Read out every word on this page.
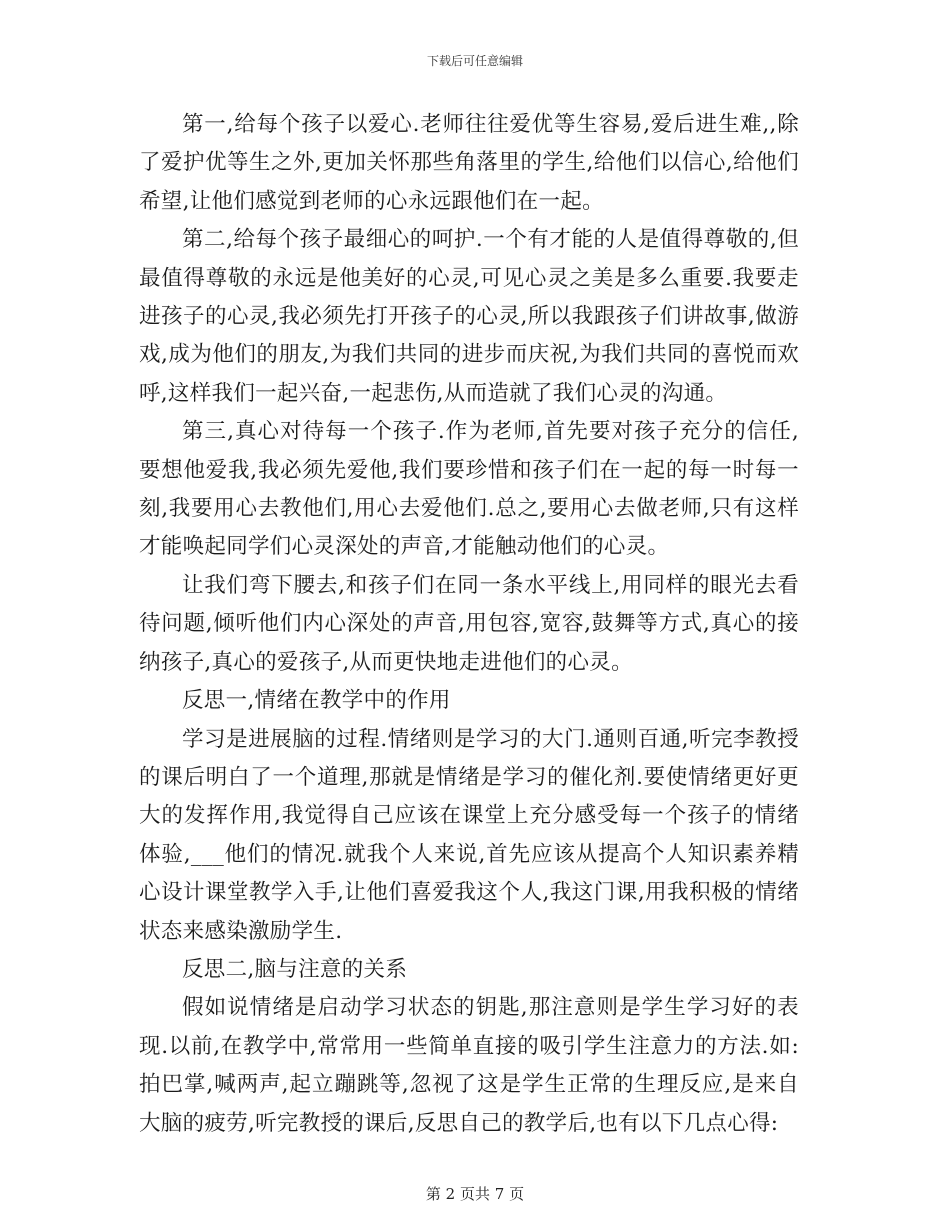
下载后可任意编辑

第一,给每个孩子以爱心.老师往往爱优等生容易,爱后进生难,,除了爱护优等生之外,更加关怀那些角落里的学生,给他们以信心,给他们希望,让他们感觉到老师的心永远跟他们在一起。

第二,给每个孩子最细心的呵护.一个有才能的人是值得尊敬的,但最值得尊敬的永远是他美好的心灵,可见心灵之美是多么重要.我要走进孩子的心灵,我必须先打开孩子的心灵,所以我跟孩子们讲故事,做游戏,成为他们的朋友,为我们共同的进步而庆祝,为我们共同的喜悦而欢呼,这样我们一起兴奋,一起悲伤,从而造就了我们心灵的沟通。

第三,真心对待每一个孩子.作为老师,首先要对孩子充分的信任,要想他爱我,我必须先爱他,我们要珍惜和孩子们在一起的每一时每一刻,我要用心去教他们,用心去爱他们.总之,要用心去做老师,只有这样才能唤起同学们心灵深处的声音,才能触动他们的心灵。

让我们弯下腰去,和孩子们在同一条水平线上,用同样的眼光去看待问题,倾听他们内心深处的声音,用包容,宽容,鼓舞等方式,真心的接纳孩子,真心的爱孩子,从而更快地走进他们的心灵。

反思一,情绪在教学中的作用

学习是进展脑的过程.情绪则是学习的大门.通则百通,听完李教授的课后明白了一个道理,那就是情绪是学习的催化剂.要使情绪更好更大的发挥作用,我觉得自己应该在课堂上充分感受每一个孩子的情绪体验,___他们的情况.就我个人来说,首先应该从提高个人知识素养精心设计课堂教学入手,让他们喜爱我这个人,我这门课,用我积极的情绪状态来感染激励学生.

反思二,脑与注意的关系

假如说情绪是启动学习状态的钥匙,那注意则是学生学习好的表现.以前,在教学中,常常用一些简单直接的吸引学生注意力的方法.如:拍巴掌,喊两声,起立蹦跳等,忽视了这是学生正常的生理反应,是来自大脑的疲劳,听完教授的课后,反思自己的教学后,也有以下几点心得:

第 2 页共 7 页
